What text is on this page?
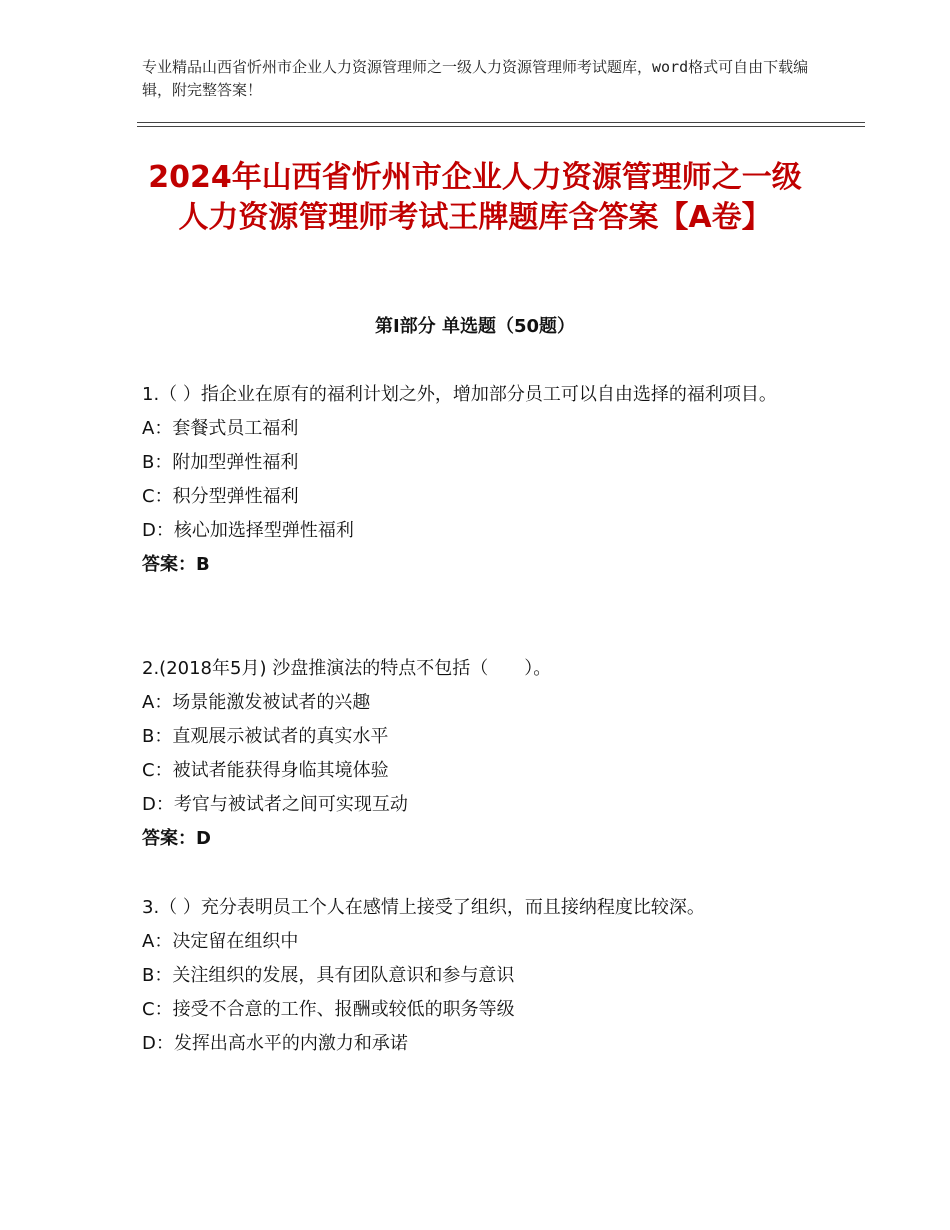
专业精品山西省忻州市企业人力资源管理师之一级人力资源管理师考试题库，word格式可自由下载编辑，附完整答案！
2024年山西省忻州市企业人力资源管理师之一级人力资源管理师考试王牌题库含答案【A卷】
第Ⅰ部分 单选题（50题）

1.（ ）指企业在原有的福利计划之外，增加部分员工可以自由选择的福利项目。

A：套餐式员工福利

B：附加型弹性福利

C：积分型弹性福利

D：核心加选择型弹性福利

答案：B

2.(2018年5月) 沙盘推演法的特点不包括（　　）。

A：场景能激发被试者的兴趣

B：直观展示被试者的真实水平

C：被试者能获得身临其境体验

D：考官与被试者之间可实现互动

答案：D

3.（ ）充分表明员工个人在感情上接受了组织，而且接纳程度比较深。

A：决定留在组织中

B：关注组织的发展，具有团队意识和参与意识

C：接受不合意的工作、报酬或较低的职务等级

D：发挥出高水平的内激力和承诺
